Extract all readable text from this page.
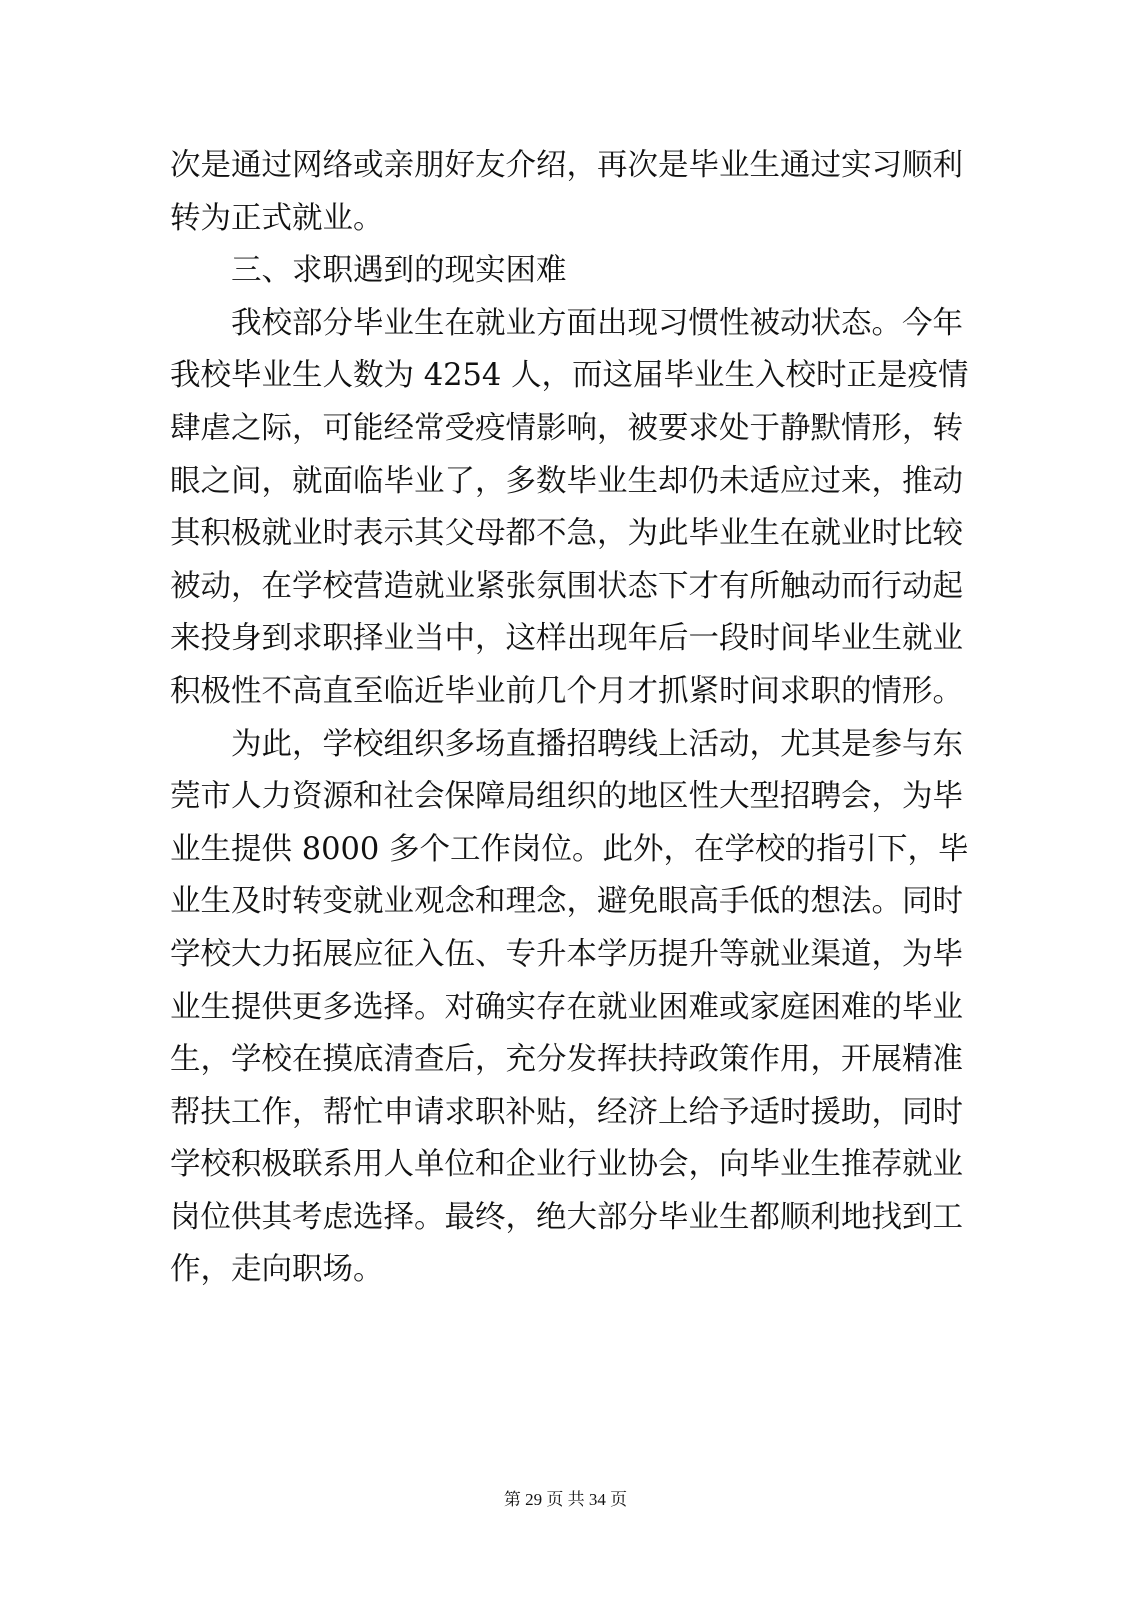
次是通过网络或亲朋好友介绍，再次是毕业生通过实习顺利
转为正式就业。
　　三、求职遇到的现实困难
　　我校部分毕业生在就业方面出现习惯性被动状态。今年
我校毕业生人数为 4254 人，而这届毕业生入校时正是疫情
肆虐之际，可能经常受疫情影响，被要求处于静默情形，转
眼之间，就面临毕业了，多数毕业生却仍未适应过来，推动
其积极就业时表示其父母都不急，为此毕业生在就业时比较
被动，在学校营造就业紧张氛围状态下才有所触动而行动起
来投身到求职择业当中，这样出现年后一段时间毕业生就业
积极性不高直至临近毕业前几个月才抓紧时间求职的情形。
　　为此，学校组织多场直播招聘线上活动，尤其是参与东
莞市人力资源和社会保障局组织的地区性大型招聘会，为毕
业生提供 8000 多个工作岗位。此外，在学校的指引下，毕
业生及时转变就业观念和理念，避免眼高手低的想法。同时
学校大力拓展应征入伍、专升本学历提升等就业渠道，为毕
业生提供更多选择。对确实存在就业困难或家庭困难的毕业
生，学校在摸底清查后，充分发挥扶持政策作用，开展精准
帮扶工作，帮忙申请求职补贴，经济上给予适时援助，同时
学校积极联系用人单位和企业行业协会，向毕业生推荐就业
岗位供其考虑选择。最终，绝大部分毕业生都顺利地找到工
作，走向职场。
第 29 页 共 34 页
